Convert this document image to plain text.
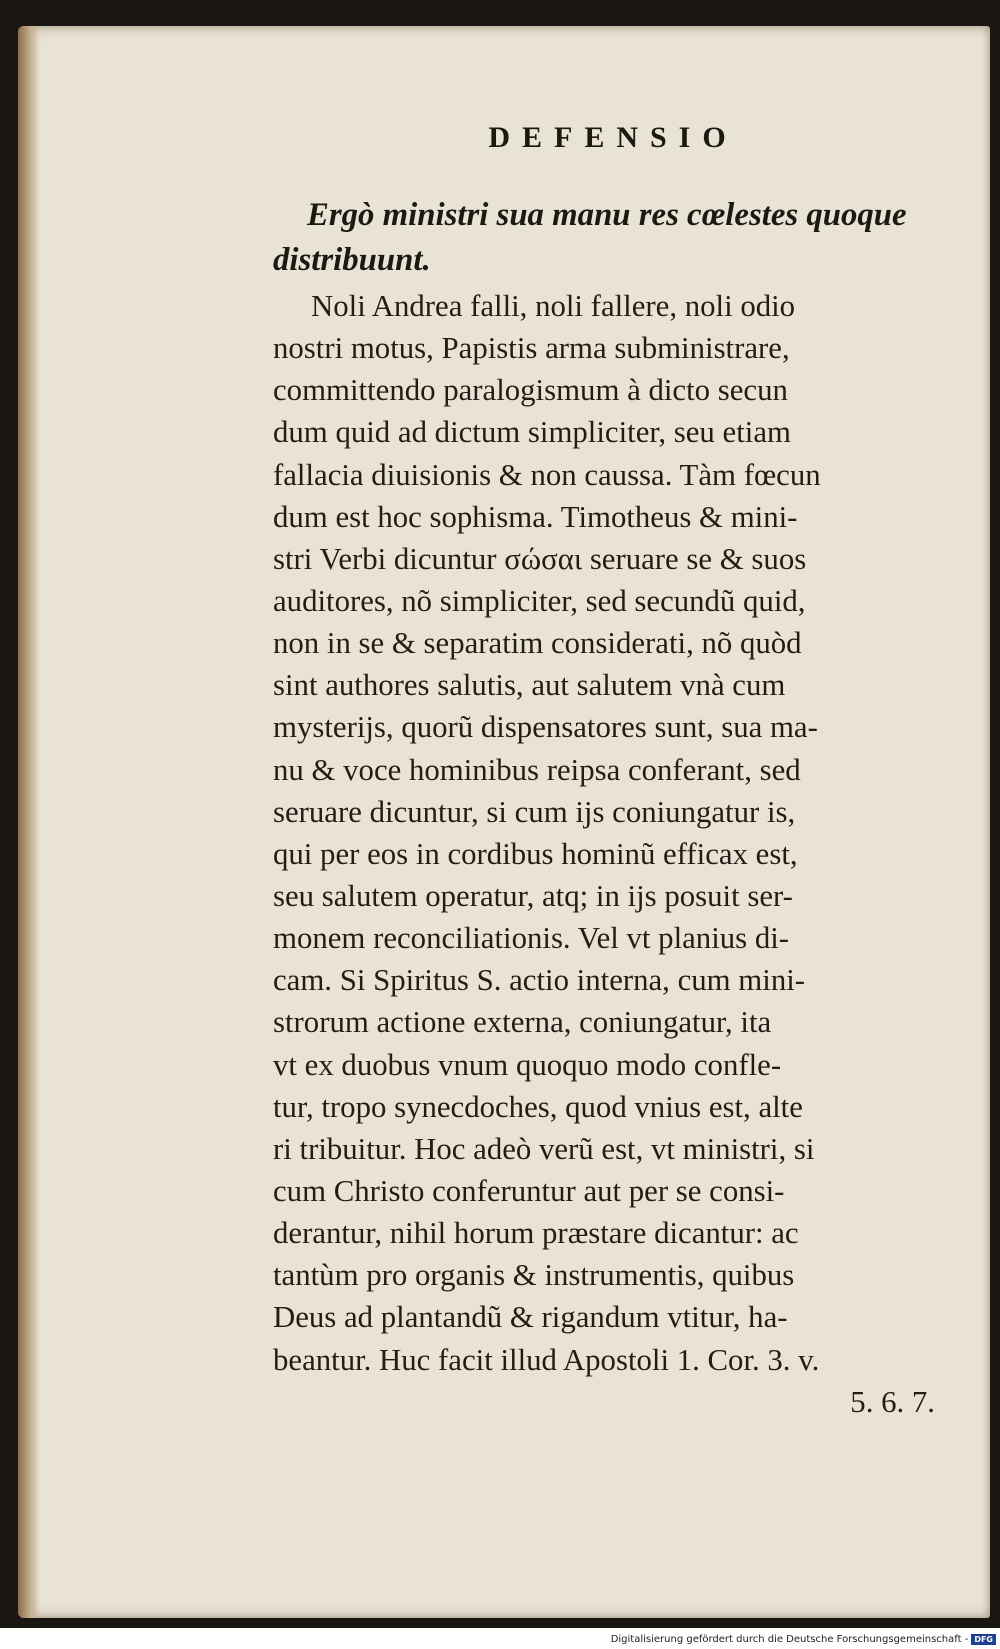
DEFENSIO
Ergò ministri sua manu res cœlestes quoque
distribuunt.
Noli Andrea falli, noli fallere, noli odio
nostri motus, Papistis arma subministrare,
committendo paralogismum à dicto secun
dum quid ad dictum simpliciter, seu etiam
fallacia diuisionis & non caussa. Tàm fœcun
dum est hoc sophisma. Timotheus & mini-
stri Verbi dicuntur σώσαι seruare se & suos
auditores, nõ simpliciter, sed secundũ quid,
non in se & separatim considerati, nõ quòd
sint authores salutis, aut salutem vnà cum
mysterijs, quorũ dispensatores sunt, sua ma-
nu & voce hominibus reipsa conferant, sed
seruare dicuntur, si cum ijs coniungatur is,
qui per eos in cordibus hominũ efficax est,
seu salutem operatur, atq; in ijs posuit ser-
monem reconciliationis. Vel vt planius di-
cam. Si Spiritus S. actio interna, cum mini-
strorum actione externa, coniungatur, ita
vt ex duobus vnum quoquo modo confle-
tur, tropo synecdoches, quod vnius est, alte
ri tribuitur. Hoc adeò verũ est, vt ministri, si
cum Christo conferuntur aut per se consi-
derantur, nihil horum præstare dicantur: ac
tantùm pro organis & instrumentis, quibus
Deus ad plantandũ & rigandum vtitur, ha-
beantur. Huc facit illud Apostoli 1. Cor. 3. v.
5. 6. 7.
Digitalisierung gefördert durch die Deutsche Forschungsgemeinschaft - DFG
